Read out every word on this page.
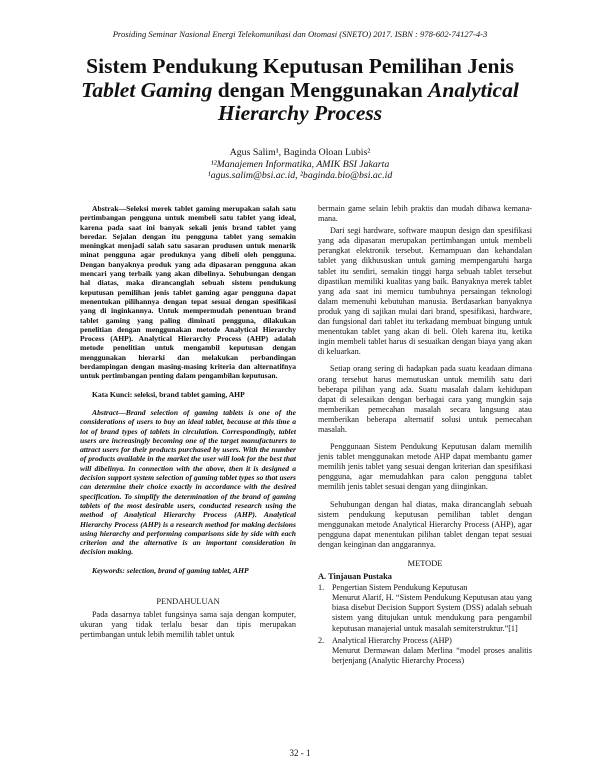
Prosiding Seminar Nasional Energi Telekomunikasi dan Otomasi (SNETO) 2017. ISBN : 978-602-74127-4-3
Sistem Pendukung Keputusan Pemilihan Jenis
Tablet Gaming dengan Menggunakan Analytical
Hierarchy Process
Agus Salim¹, Baginda Oloan Lubis²
¹²Manajemen Informatika, AMIK BSI Jakarta
¹agus.salim@bsi.ac.id, ²baginda.bio@bsi.ac.id

Abstrak—Seleksi merek tablet gaming merupakan salah satu pertimbangan pengguna untuk membeli satu tablet yang ideal, karena pada saat ini banyak sekali jenis brand tablet yang beredar. Sejalan dengan itu pengguna tablet yang semakin meningkat menjadi salah satu sasaran produsen untuk menarik minat pengguna agar produknya yang dibeli oleh pengguna. Dengan banyaknya produk yang ada dipasaran pengguna akan mencari yang terbaik yang akan dibelinya. Sehubungan dengan hal diatas, maka dirancanglah sebuah sistem pendukung keputusan pemilihan jenis tablet gaming agar pengguna dapat menentukan pilihannya dengan tepat sesuai dengan spesifikasi yang di inginkannya. Untuk mempermudah penentuan brand tablet gaming yang paling diminati pengguna, dilakukan penelitian dengan menggunakan metode Analytical Hierarchy Process (AHP). Analytical Hierarchy Process (AHP) adalah metode penelitian untuk mengambil keputusan dengan menggunakan hierarki dan melakukan perbandingan berdampingan dengan masing-masing kriteria dan alternatifnya untuk pertimbangan penting dalam pengambilan keputusan.

Kata Kunci: seleksi, brand tablet gaming, AHP

Abstract—Brand selection of gaming tablets is one of the considerations of users to buy an ideal tablet, because at this time a lot of brand types of tablets in circulation. Correspondingly, tablet users are increasingly becoming one of the target manufacturers to attract users for their products purchased by users. With the number of products available in the market the user will look for the best that will dibelinya. In connection with the above, then it is designed a decision support system selection of gaming tablet types so that users can determine their choice exactly in accordance with the desired specification. To simplify the determination of the brand of gaming tablets of the most desirable users, conducted research using the method of Analytical Hierarchy Process (AHP). Analytical Hierarchy Process (AHP) is a research method for making decisions using hierarchy and performing comparisons side by side with each criterion and the alternative is an important consideration in decision making.

Keywords: selection, brand of gaming tablet, AHP

PENDAHULUAN

Pada dasarnya tablet fungsinya sama saja dengan komputer, ukuran yang tidak terlalu besar dan tipis merupakan pertimbangan untuk lebih memilih tablet untuk

bermain game selain lebih praktis dan mudah dibawa kemana-mana.

Dari segi hardware, software maupun design dan spesifikasi yang ada dipasaran merupakan pertimbangan untuk membeli perangkat elektronik tersebut. Kemampuan dan kehandalan tablet yang dikhususkan untuk gaming mempengaruhi harga tablet itu sendiri, semakin tinggi harga sebuah tablet tersebut dipastikan memiliki kualitas yang baik. Banyaknya merek tablet yang ada saat ini memicu tumbuhnya persaingan teknologi dalam memenuhi kebutuhan manusia. Berdasarkan banyaknya produk yang di sajikan mulai dari brand, spesifikasi, hardware, dan fungsional dari tablet itu terkadang membuat bingung untuk menentukan tablet yang akan di beli. Oleh karena itu, ketika ingin membeli tablet harus di sesuaikan dengan biaya yang akan di keluarkan.

Setiap orang sering di hadapkan pada suatu keadaan dimana orang tersebut harus memutuskan untuk memilih satu dari beberapa pilihan yang ada. Suatu masalah dalam kehidupan dapat di selesaikan dengan berbagai cara yang mungkin saja memberikan pemecahan masalah secara langsung atau memberikan beberapa alternatif solusi untuk pemecahan masalah.

Penggunaan Sistem Pendukung Keputusan dalam memilih jenis tablet menggunakan metode AHP dapat membantu gamer memilih jenis tablet yang sesuai dengan kriterian dan spesifikasi pengguna, agar memudahkan para calon pengguna tablet memilih jenis tablet sesuai dengan yang diinginkan.

Sehubungan dengan hal diatas, maka dirancanglah sebuah sistem pendukung keputusan pemilihan tablet dengan menggunakan metode Analytical Hierarchy Process (AHP), agar pengguna dapat menentukan pilihan tablet dengan tepat sesuai dengan keinginan dan anggarannya.

METODE
A. Tinjauan Pustaka
1. Pengertian Sistem Pendukung Keputusan
Menurut Alarif, H. “Sistem Pendukung Keputusan atau yang biasa disebut Decision Support System (DSS) adalah sebuah sistem yang ditujukan untuk mendukung para pengambil keputusan manajerial untuk masalah semiterstruktur.”[1]
2. Analytical Hierarchy Process (AHP)
Menurut Dermawan dalam Merlina “model proses analitis berjenjang (Analytic Hierarchy Process)
32 - 1
